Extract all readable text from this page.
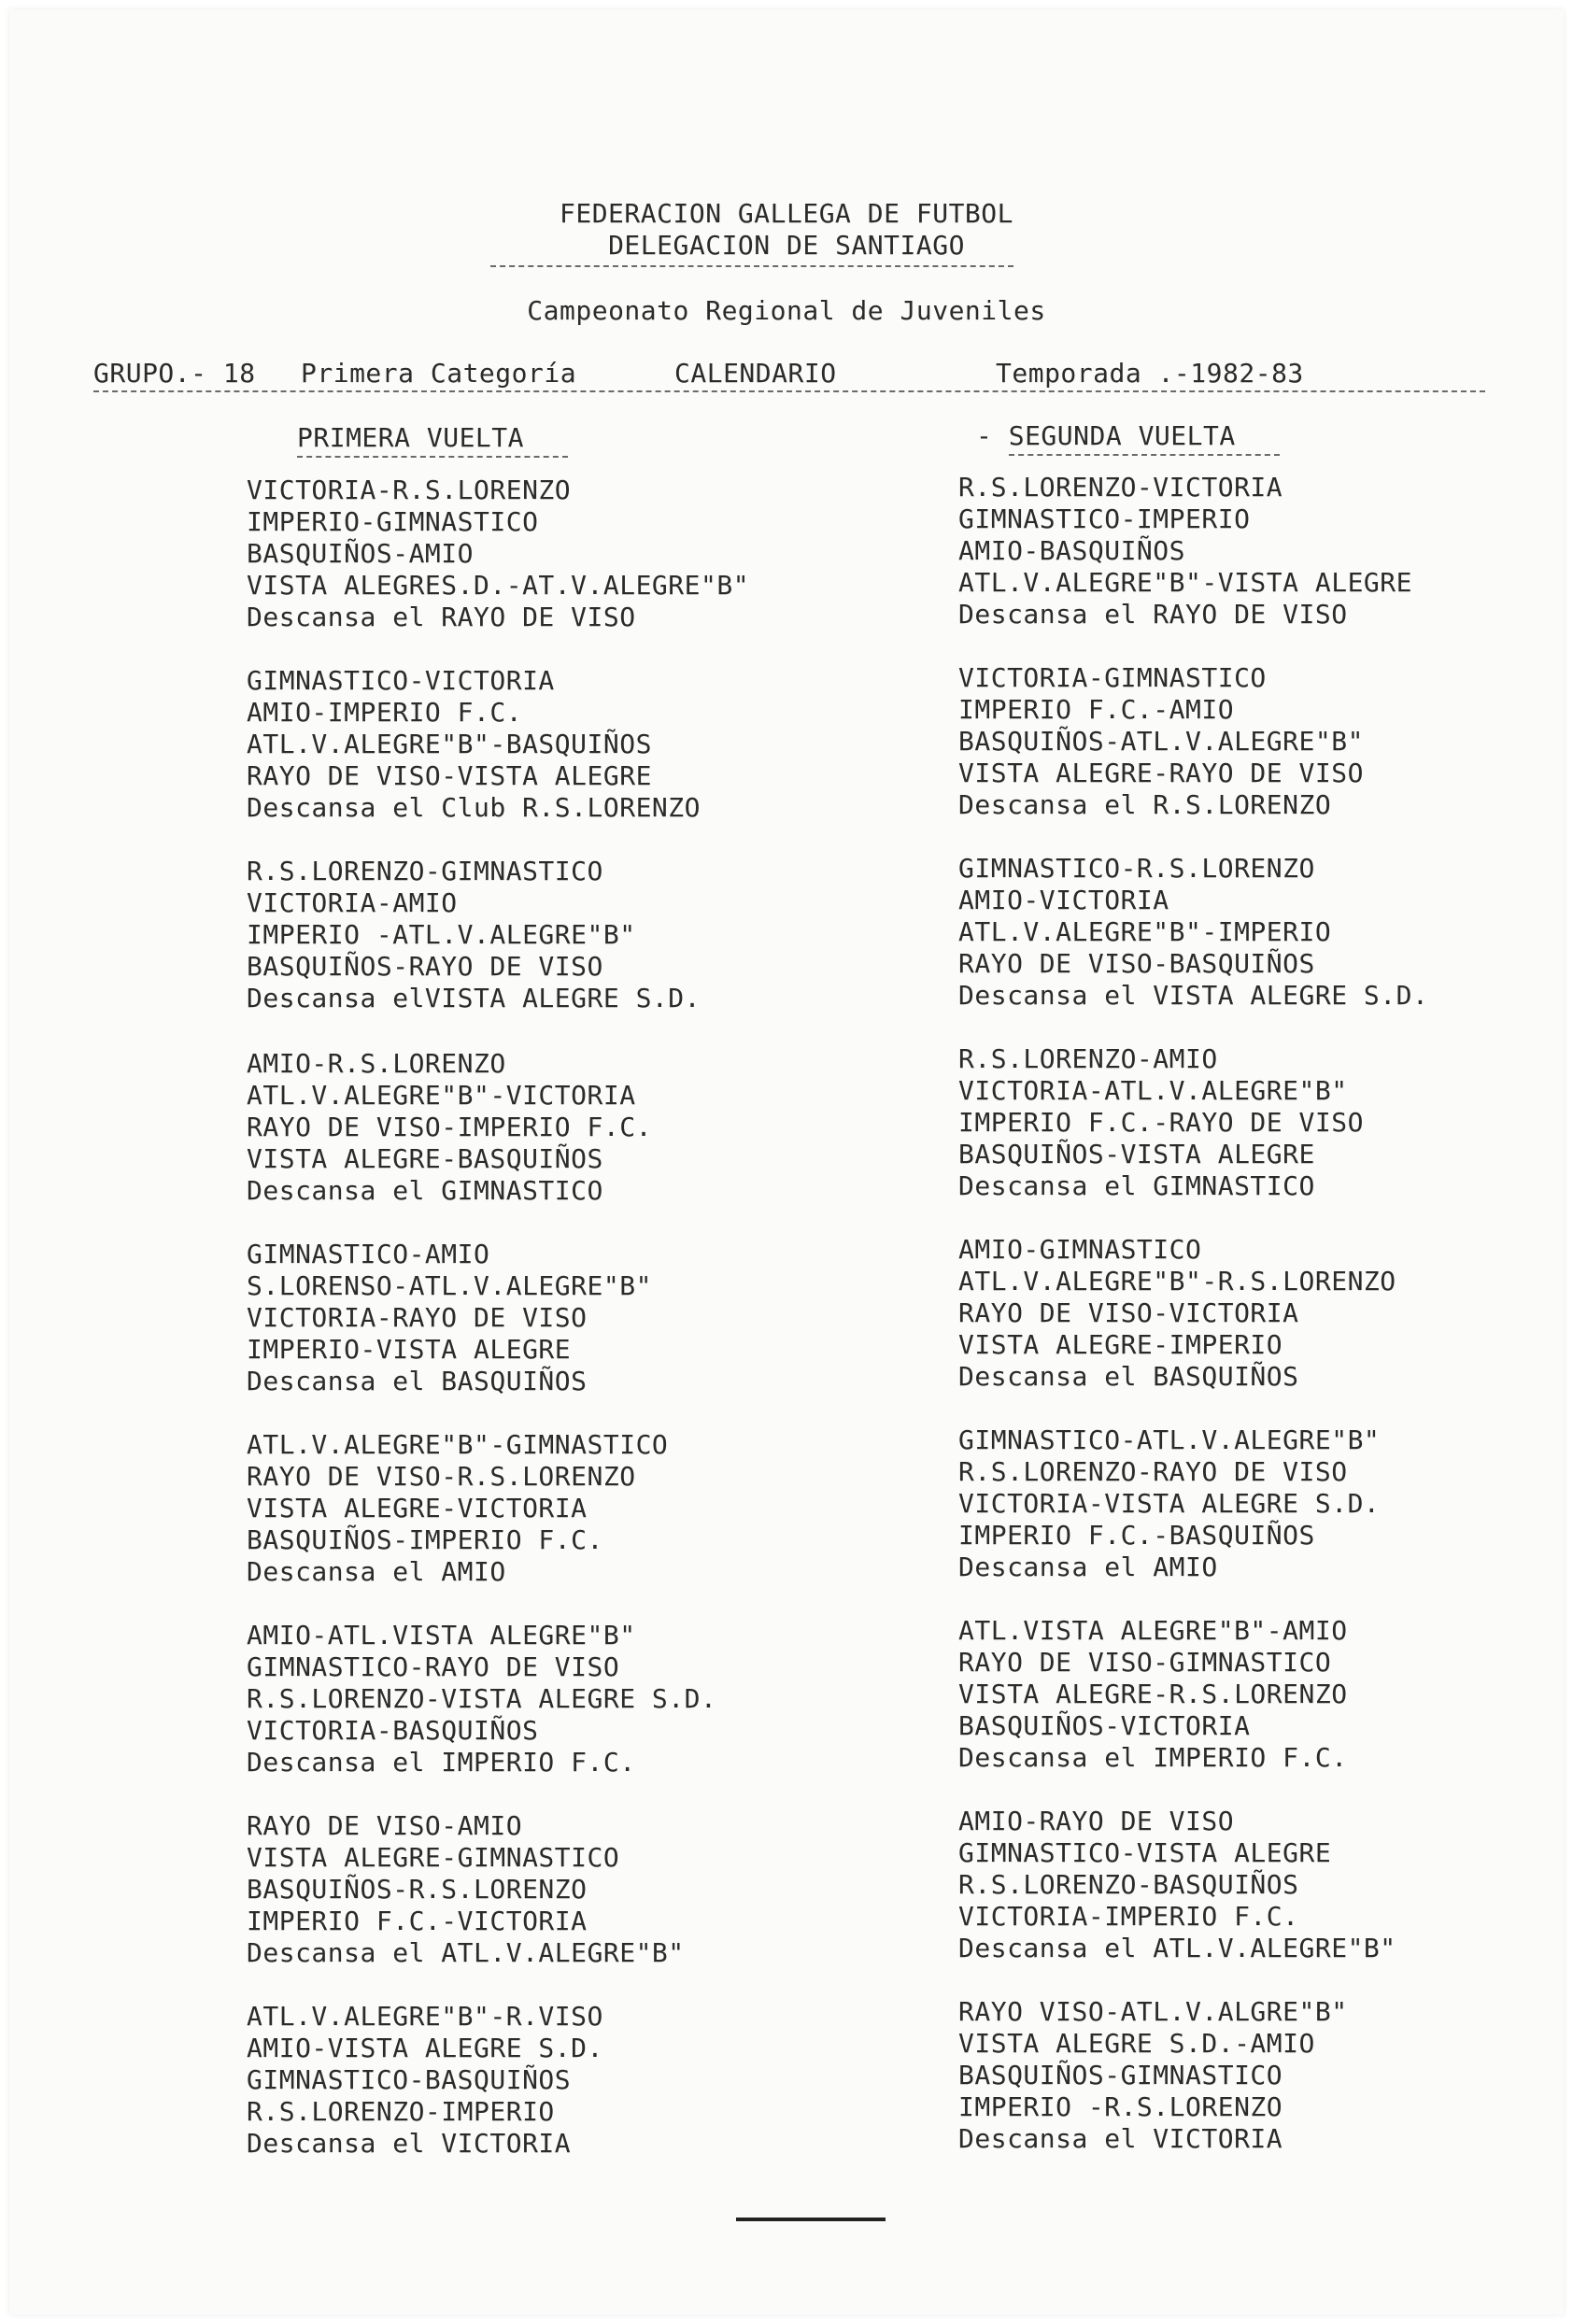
FEDERACION GALLEGA DE FUTBOL
DELEGACION DE SANTIAGO
Campeonato Regional de Juveniles

GRUPO.- 18

Primera Categoría

	CALENDARIO

	Temporada .-1982-83

PRIMERA VUELTA	- SEGUNDA VUELTA
VICTORIA-R.S.LORENZO
IMPERIO-GIMNASTICO
BASQUIÑOS-AMIO
VISTA ALEGRES.D.-AT.V.ALEGRE"B"
Descansa el RAYO DE VISO
GIMNASTICO-VICTORIA
AMIO-IMPERIO F.C.
ATL.V.ALEGRE"B"-BASQUIÑOS
RAYO DE VISO-VISTA ALEGRE
Descansa el Club R.S.LORENZO
R.S.LORENZO-GIMNASTICO
VICTORIA-AMIO
IMPERIO -ATL.V.ALEGRE"B"
BASQUIÑOS-RAYO DE VISO
Descansa elVISTA ALEGRE S.D.
AMIO-R.S.LORENZO
ATL.V.ALEGRE"B"-VICTORIA
RAYO DE VISO-IMPERIO F.C.
VISTA ALEGRE-BASQUIÑOS
Descansa el GIMNASTICO
GIMNASTICO-AMIO
S.LORENSO-ATL.V.ALEGRE"B"
VICTORIA-RAYO DE VISO
IMPERIO-VISTA ALEGRE
Descansa el BASQUIÑOS
ATL.V.ALEGRE"B"-GIMNASTICO
RAYO DE VISO-R.S.LORENZO
VISTA ALEGRE-VICTORIA
BASQUIÑOS-IMPERIO F.C.
Descansa el AMIO
AMIO-ATL.VISTA ALEGRE"B"
GIMNASTICO-RAYO DE VISO
R.S.LORENZO-VISTA ALEGRE S.D.
VICTORIA-BASQUIÑOS
Descansa el IMPERIO F.C.
RAYO DE VISO-AMIO
VISTA ALEGRE-GIMNASTICO
BASQUIÑOS-R.S.LORENZO
IMPERIO F.C.-VICTORIA
Descansa el ATL.V.ALEGRE"B"
ATL.V.ALEGRE"B"-R.VISO
AMIO-VISTA ALEGRE S.D.
GIMNASTICO-BASQUIÑOS
R.S.LORENZO-IMPERIO
Descansa el VICTORIA
R.S.LORENZO-VICTORIA
GIMNASTICO-IMPERIO
AMIO-BASQUIÑOS
ATL.V.ALEGRE"B"-VISTA ALEGRE
Descansa el RAYO DE VISO
VICTORIA-GIMNASTICO
IMPERIO F.C.-AMIO
BASQUIÑOS-ATL.V.ALEGRE"B"
VISTA ALEGRE-RAYO DE VISO
Descansa el R.S.LORENZO
GIMNASTICO-R.S.LORENZO
AMIO-VICTORIA
ATL.V.ALEGRE"B"-IMPERIO
RAYO DE VISO-BASQUIÑOS
Descansa el VISTA ALEGRE S.D.
R.S.LORENZO-AMIO
VICTORIA-ATL.V.ALEGRE"B"
IMPERIO F.C.-RAYO DE VISO
BASQUIÑOS-VISTA ALEGRE
Descansa el GIMNASTICO
AMIO-GIMNASTICO
ATL.V.ALEGRE"B"-R.S.LORENZO
RAYO DE VISO-VICTORIA
VISTA ALEGRE-IMPERIO
Descansa el BASQUIÑOS
GIMNASTICO-ATL.V.ALEGRE"B"
R.S.LORENZO-RAYO DE VISO
VICTORIA-VISTA ALEGRE S.D.
IMPERIO F.C.-BASQUIÑOS
Descansa el AMIO
ATL.VISTA ALEGRE"B"-AMIO
RAYO DE VISO-GIMNASTICO
VISTA ALEGRE-R.S.LORENZO
BASQUIÑOS-VICTORIA
Descansa el IMPERIO F.C.
AMIO-RAYO DE VISO
GIMNASTICO-VISTA ALEGRE
R.S.LORENZO-BASQUIÑOS
VICTORIA-IMPERIO F.C.
Descansa el ATL.V.ALEGRE"B"
RAYO VISO-ATL.V.ALGRE"B"
VISTA ALEGRE S.D.-AMIO
BASQUIÑOS-GIMNASTICO
IMPERIO -R.S.LORENZO
Descansa el VICTORIA
